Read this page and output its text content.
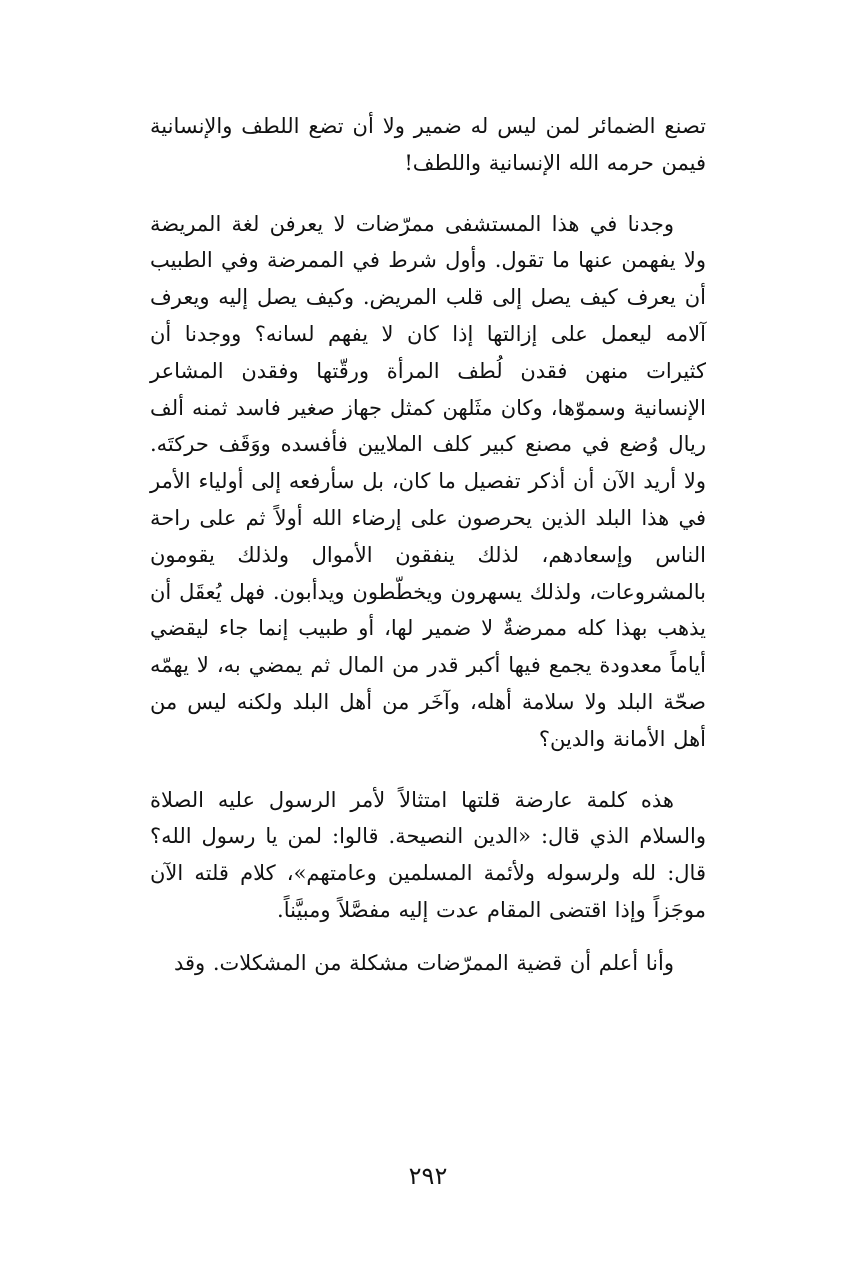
تصنع الضمائر لمن ليس له ضمير ولا أن تضع اللطف والإنسانية فيمن حرمه الله الإنسانية واللطف!

وجدنا في هذا المستشفى ممرّضات لا يعرفن لغة المريضة ولا يفهمن عنها ما تقول. وأول شرط في الممرضة وفي الطبيب أن يعرف كيف يصل إلى قلب المريض. وكيف يصل إليه ويعرف آلامه ليعمل على إزالتها إذا كان لا يفهم لسانه؟ ووجدنا أن كثيرات منهن فقدن لُطف المرأة ورقّتها وفقدن المشاعر الإنسانية وسموّها، وكان مثَلهن كمثل جهاز صغير فاسد ثمنه ألف ريال وُضع في مصنع كبير كلف الملايين فأفسده ووَقَف حركتَه. ولا أريد الآن أن أذكر تفصيل ما كان، بل سأرفعه إلى أولياء الأمر في هذا البلد الذين يحرصون على إرضاء الله أولاً ثم على راحة الناس وإسعادهم، لذلك ينفقون الأموال ولذلك يقومون بالمشروعات، ولذلك يسهرون ويخطّطون ويدأبون. فهل يُعقَل أن يذهب بهذا كله ممرضةٌ لا ضمير لها، أو طبيب إنما جاء ليقضي أياماً معدودة يجمع فيها أكبر قدر من المال ثم يمضي به، لا يهمّه صحّة البلد ولا سلامة أهله، وآخَر من أهل البلد ولكنه ليس من أهل الأمانة والدين؟

هذه كلمة عارضة قلتها امتثالاً لأمر الرسول عليه الصلاة والسلام الذي قال: «الدين النصيحة. قالوا: لمن يا رسول الله؟ قال: لله ولرسوله ولأئمة المسلمين وعامتهم»، كلام قلته الآن موجَزاً وإذا اقتضى المقام عدت إليه مفصَّلاً ومبيَّناً.

وأنا أعلم أن قضية الممرّضات مشكلة من المشكلات. وقد

٢٩٢
